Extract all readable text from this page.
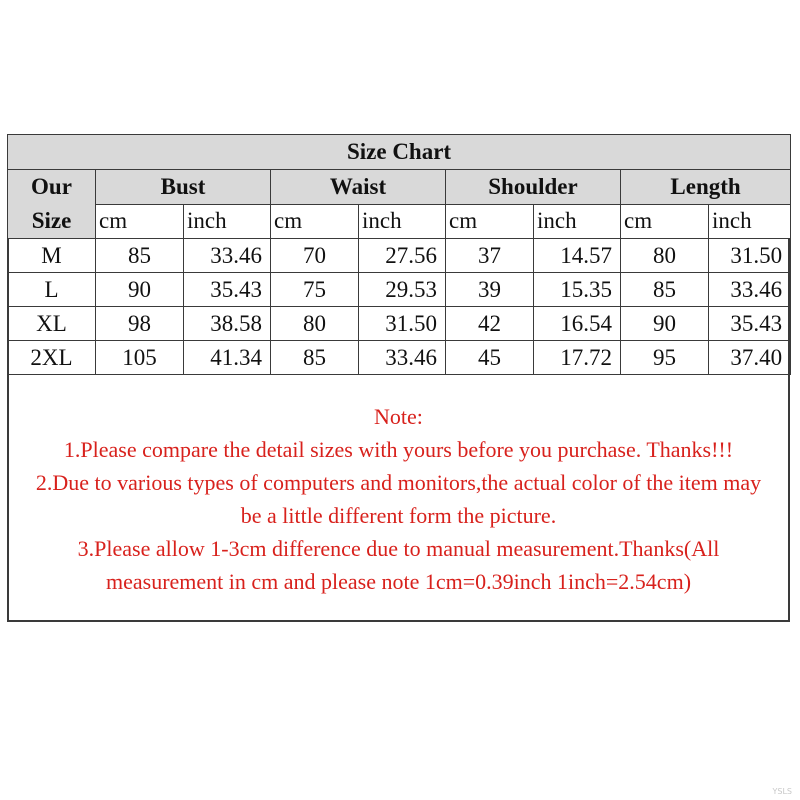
Size Chart								
Our
Size	Bust		Waist		Shoulder		Length	
	cm	inch	cm	inch	cm	inch	cm	inch
M	85	33.46	70	27.56	37	14.57	80	31.50
L	90	35.43	75	29.53	39	15.35	85	33.46
XL	98	38.58	80	31.50	42	16.54	90	35.43
2XL	105	41.34	85	33.46	45	17.72	95	37.40

Note:

1.Please compare the detail sizes with yours before you purchase. Thanks!!!

2.Due to various types of computers and monitors,the actual color of the item may be a little different form the picture.

3.Please allow 1-3cm difference due to manual measurement.Thanks(All measurement in cm and please note 1cm=0.39inch 1inch=2.54cm)

YSLS
